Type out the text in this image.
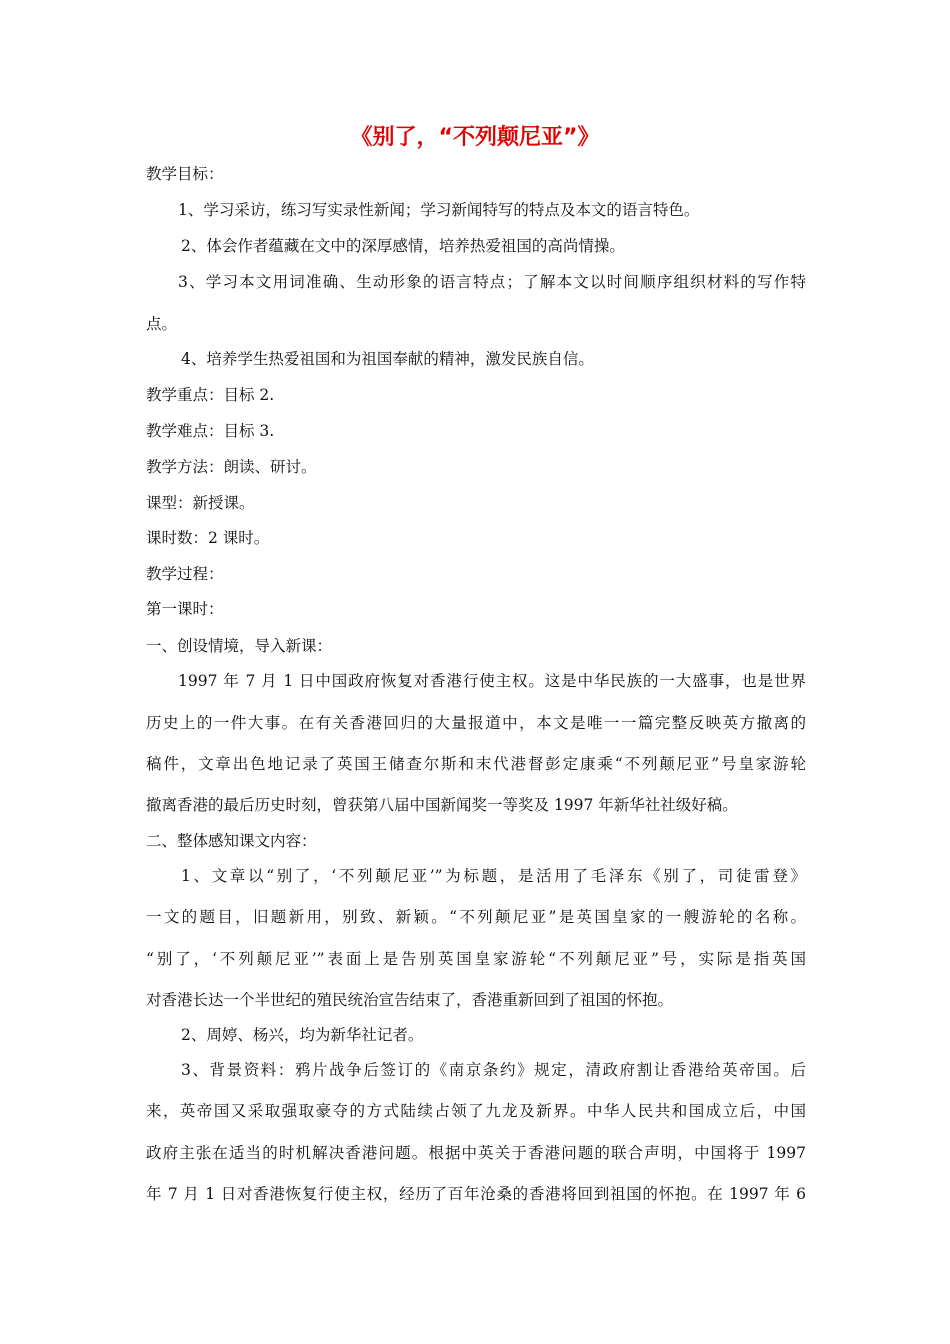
《别了，“不列颠尼亚”》
教学目标：
1、学习采访，练习写实录性新闻；学习新闻特写的特点及本文的语言特色。
2、体会作者蕴藏在文中的深厚感情，培养热爱祖国的高尚情操。
3、学习本文用词准确、生动形象的语言特点；了解本文以时间顺序组织材料的写作特
点。
4、培养学生热爱祖国和为祖国奉献的精神，激发民族自信。
教学重点：目标 2.
教学难点：目标 3.
教学方法：朗读、研讨。
课型：新授课。
课时数：2 课时。
教学过程：
第一课时：
一、创设情境，导入新课：
1997 年 7 月 1 日中国政府恢复对香港行使主权。这是中华民族的一大盛事，也是世界
历史上的一件大事。在有关香港回归的大量报道中，本文是唯一一篇完整反映英方撤离的
稿件，文章出色地记录了英国王储查尔斯和末代港督彭定康乘“不列颠尼亚”号皇家游轮
撤离香港的最后历史时刻，曾获第八届中国新闻奖一等奖及 1997 年新华社社级好稿。
二、整体感知课文内容：
1、文章以“别了，‘不列颠尼亚’”为标题，是活用了毛泽东《别了，司徒雷登》
一文的题目，旧题新用，别致、新颖。“不列颠尼亚”是英国皇家的一艘游轮的名称。
“别了，‘不列颠尼亚’”表面上是告别英国皇家游轮“不列颠尼亚”号，实际是指英国
对香港长达一个半世纪的殖民统治宣告结束了，香港重新回到了祖国的怀抱。
2、周婷、杨兴，均为新华社记者。
3、背景资料：鸦片战争后签订的《南京条约》规定，清政府割让香港给英帝国。后
来，英帝国又采取强取豪夺的方式陆续占领了九龙及新界。中华人民共和国成立后，中国
政府主张在适当的时机解决香港问题。根据中英关于香港问题的联合声明，中国将于 1997
年 7 月 1 日对香港恢复行使主权，经历了百年沧桑的香港将回到祖国的怀抱。在 1997 年 6
